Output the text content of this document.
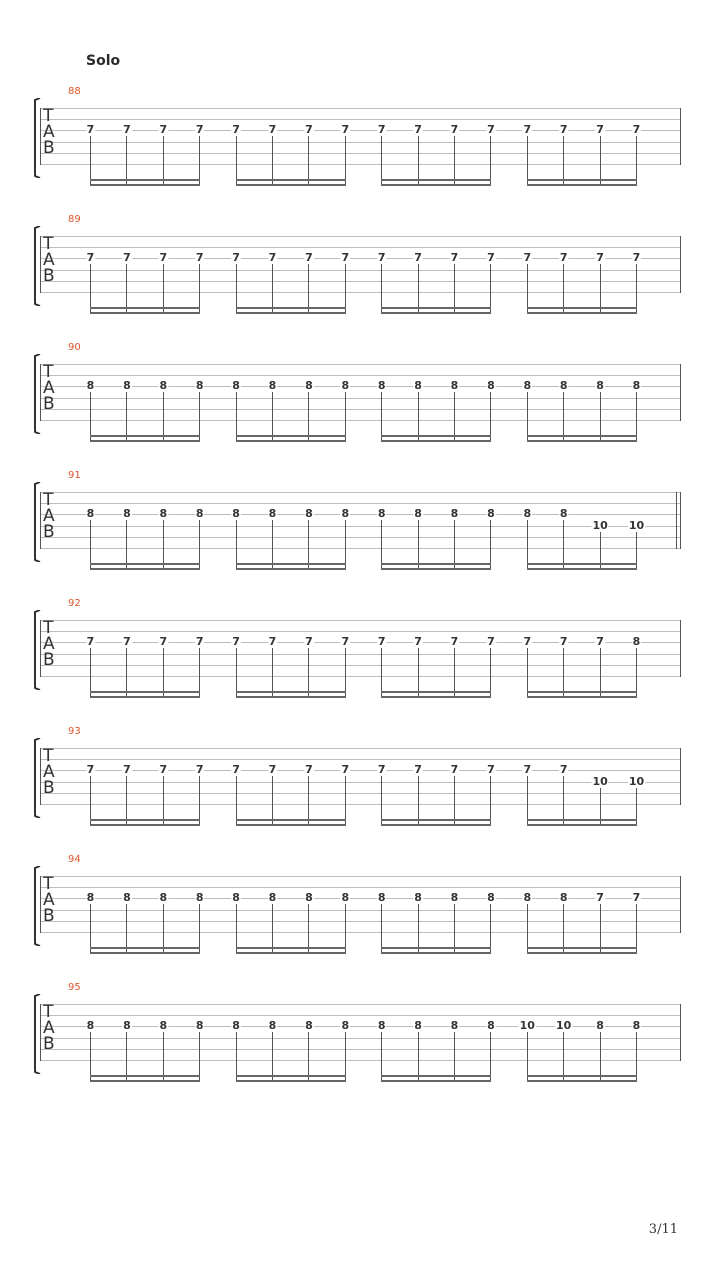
Solo
88
T
A
B
7	7	7	7	7	7	7	7	7	7	7	7	7	7	7	7
89
T
A
B
7	7	7	7	7	7	7	7	7	7	7	7	7	7	7	7
90
T
A
B
8	8	8	8	8	8	8	8	8	8	8	8	8	8	8	8
91
T
A
B
8	8	8	8	8	8	8	8	8	8	8	8	8	8
10 10
92
T
A
B
7	7	7	7	7	7	7	7	7	7	7	7	7	7	7	8
93
T
A
B
7	7	7	7	7	7	7	7	7	7	7	7	7	7
10 10
94
T
A
B
8	8	8	8	8	8	8	8	8	8	8	8	8	8	7	7
95
T
A
B
8	8	8	8	8	8	8	8	8	8	8	8 10 10 8	8
3/11
